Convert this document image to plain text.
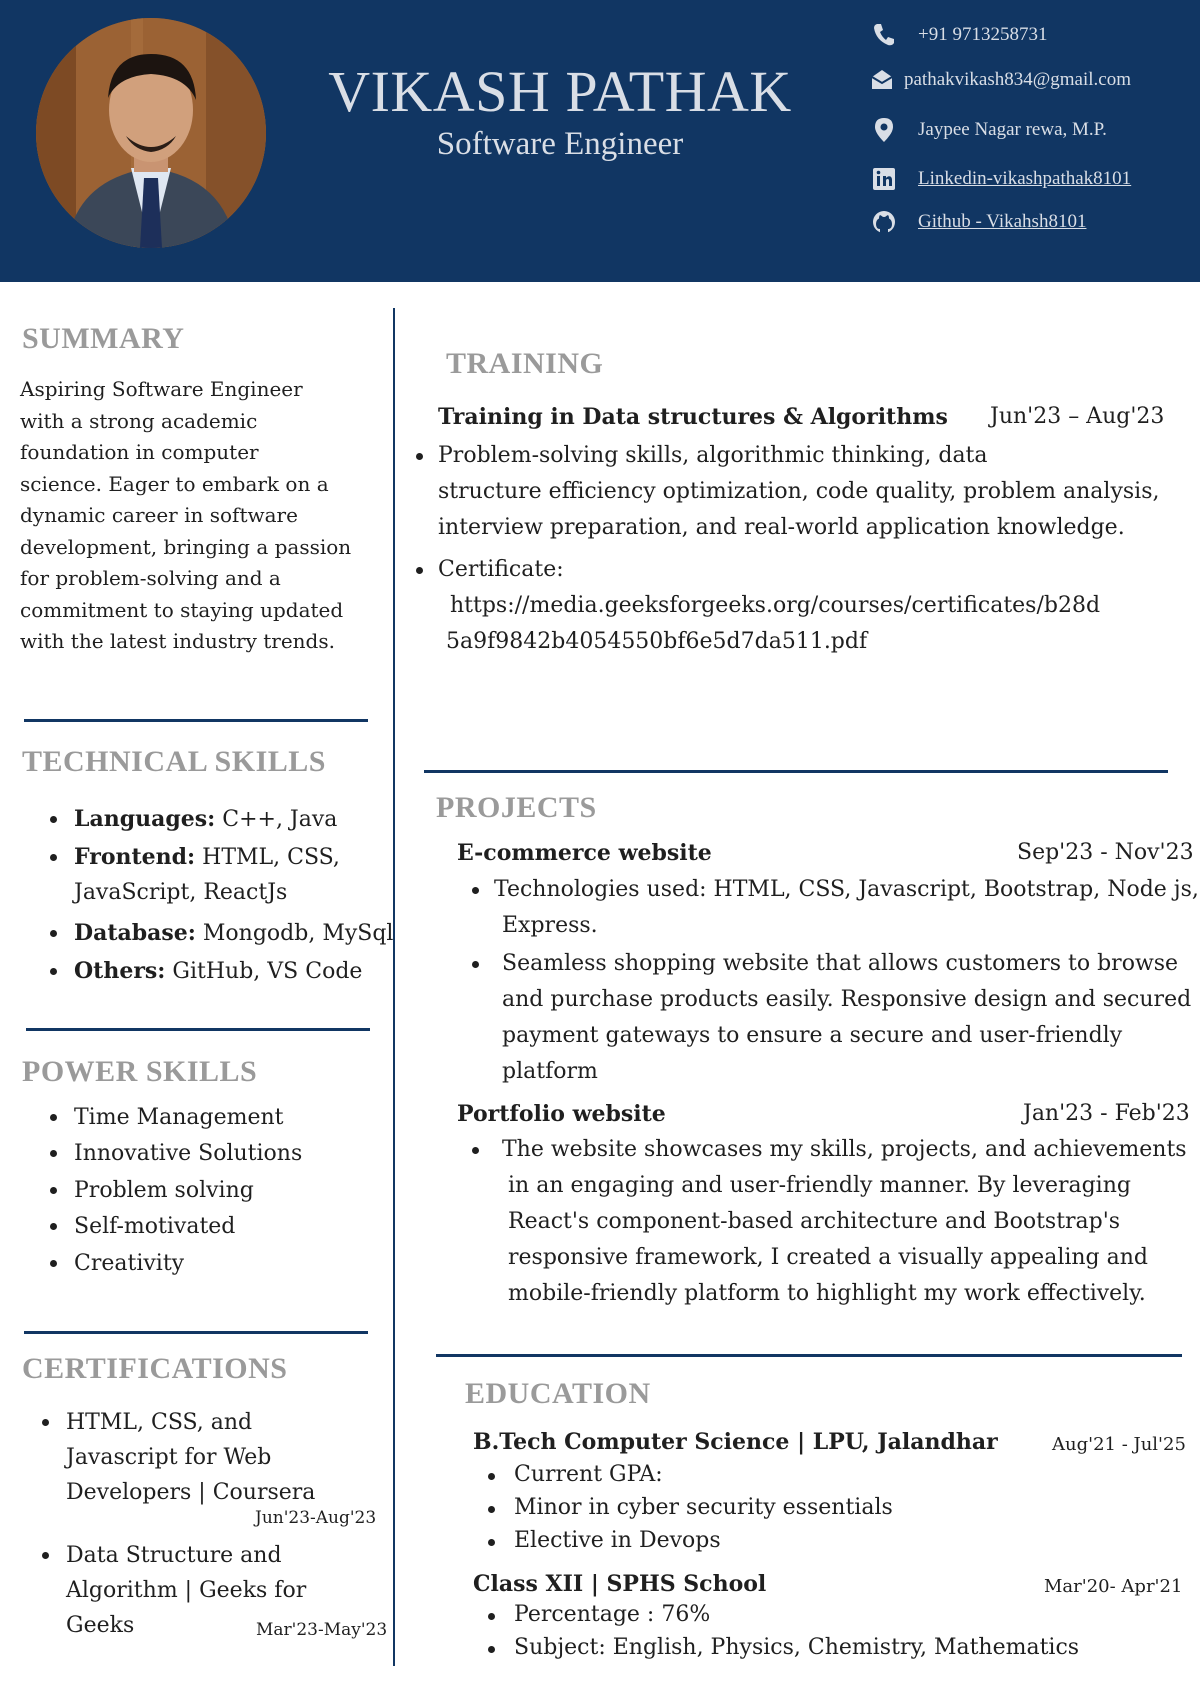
VIKASH PATHAK
Software Engineer
+91 9713258731
pathakvikash834@gmail.com
Jaypee Nagar rewa, M.P.
Linkedin-vikashpathak8101
Github - Vikahsh8101
SUMMARY
Aspiring Software Engineer
with a strong academic
foundation in computer
science. Eager to embark on a
dynamic career in software
development, bringing a passion
for problem-solving and a
commitment to staying updated
with the latest industry trends.
TECHNICAL SKILLS
Languages: C++, Java
Frontend: HTML, CSS,
JavaScript, ReactJs
Database: Mongodb, MySql
Others: GitHub, VS Code
POWER SKILLS
Time Management
Innovative Solutions
Problem solving
Self-motivated
Creativity
CERTIFICATIONS
HTML, CSS, and
Javascript for Web
Developers | Coursera
Jun'23-Aug'23
Data Structure and
Algorithm | Geeks for
Geeks	Mar'23-May'23
TRAINING
Training in Data structures & Algorithms Jun'23 – Aug'23
Problem-solving skills, algorithmic thinking, data
structure efficiency optimization, code quality, problem analysis,
interview preparation, and real-world application knowledge.
Certificate:
https://media.geeksforgeeks.org/courses/certificates/b28d
5a9f9842b4054550bf6e5d7da511.pdf
PROJECTS
E-commerce website	Sep'23 - Nov'23
Technologies used: HTML, CSS, Javascript, Bootstrap, Node js,
Express.
Seamless shopping website that allows customers to browse
and purchase products easily. Responsive design and secured
payment gateways to ensure a secure and user-friendly
platform
Portfolio website	Jan'23 - Feb'23
The website showcases my skills, projects, and achievements
in an engaging and user-friendly manner. By leveraging
React's component-based architecture and Bootstrap's
responsive framework, I created a visually appealing and
mobile-friendly platform to highlight my work effectively.
EDUCATION
B.Tech Computer Science | LPU, Jalandhar	Aug'21 - Jul'25
Current GPA:
Minor in cyber security essentials
Elective in Devops
Class XII | SPHS School	Mar'20- Apr'21
Percentage : 76%
Subject: English, Physics, Chemistry, Mathematics
